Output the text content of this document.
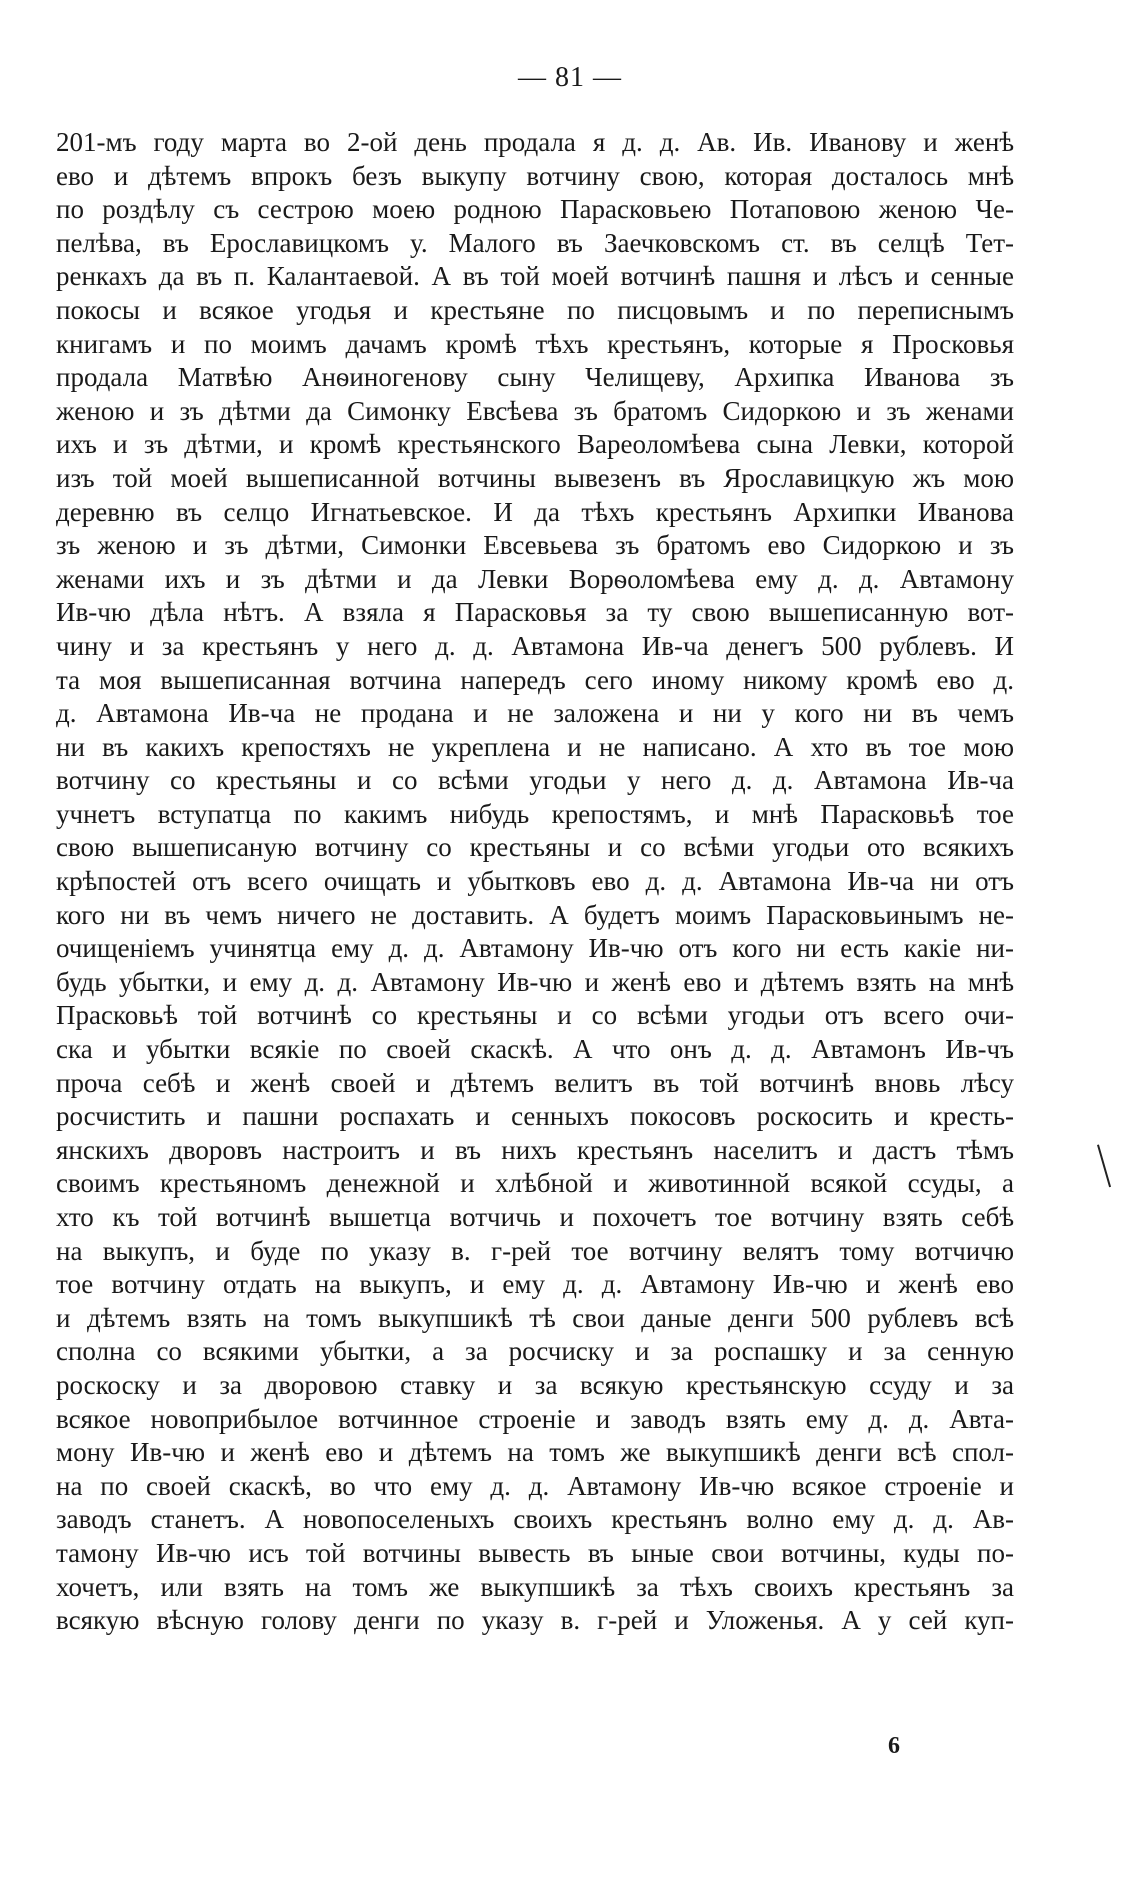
— 81 —
201-мъ году марта во 2-ой день продала я д. д. Ав. Ив. Иванову и женѣ
ево и дѣтемъ впрокъ безъ выкупу вотчину свою, которая досталось мнѣ
по роздѣлу съ сестрою моею родною Парасковьею Потаповою женою Че-
пелѣва, въ Ерославицкомъ у. Малого въ Заечковскомъ ст. въ селцѣ Тет-
ренкахъ да въ п. Калантаевой. А въ той моей вотчинѣ пашня и лѣсъ и сенные
покосы и всякое угодья и крестьяне по писцовымъ и по переписнымъ
книгамъ и по моимъ дачамъ кромѣ тѣхъ крестьянъ, которые я Просковья
продала Матвѣю Анѳиногенову сыну Челищеву, Архипка Иванова зъ
женою и зъ дѣтми да Симонку Евсѣева зъ братомъ Сидоркою и зъ женами
ихъ и зъ дѣтми, и кромѣ крестьянского Вареоломѣева сына Левки, которой
изъ той моей вышеписанной вотчины вывезенъ въ Ярославицкую жъ мою
деревню въ селцо Игнатьевское. И да тѣхъ крестьянъ Архипки Иванова
зъ женою и зъ дѣтми, Симонки Евсевьева зъ братомъ ево Сидоркою и зъ
женами ихъ и зъ дѣтми и да Левки Ворѳоломѣева ему д. д. Автамону
Ив-чю дѣла нѣтъ. А взяла я Парасковья за ту свою вышеписанную вот-
чину и за крестьянъ у него д. д. Автамона Ив-ча денегъ 500 рублевъ. И
та моя вышеписанная вотчина напередъ сего иному никому кромѣ ево д.
д. Автамона Ив-ча не продана и не заложена и ни у кого ни въ чемъ
ни въ какихъ крепостяхъ не укреплена и не написано. А хто въ тое мою
вотчину со крестьяны и со всѣми угодьи у него д. д. Автамона Ив-ча
учнетъ вступатца по какимъ нибудь крепостямъ, и мнѣ Парасковьѣ тое
свою вышеписаную вотчину со крестьяны и со всѣми угодьи ото всякихъ
крѣпостей отъ всего очищать и убытковъ ево д. д. Автамона Ив-ча ни отъ
кого ни въ чемъ ничего не доставить. А будетъ моимъ Парасковьинымъ не-
очищеніемъ учинятца ему д. д. Автамону Ив-чю отъ кого ни есть какіе ни-
будь убытки, и ему д. д. Автамону Ив-чю и женѣ ево и дѣтемъ взять на мнѣ
Прасковьѣ той вотчинѣ со крестьяны и со всѣми угодьи отъ всего очи-
ска и убытки всякіе по своей скаскѣ. А что онъ д. д. Автамонъ Ив-чъ
проча себѣ и женѣ своей и дѣтемъ велитъ въ той вотчинѣ вновь лѣсу
росчистить и пашни роспахать и сенныхъ покосовъ роскосить и кресть-
янскихъ дворовъ настроитъ и въ нихъ крестьянъ населитъ и дастъ тѣмъ
своимъ крестьяномъ денежной и хлѣбной и животинной всякой ссуды, а
хто къ той вотчинѣ вышетца вотчичь и похочетъ тое вотчину взять себѣ
на выкупъ, и буде по указу в. г-рей тое вотчину велятъ тому вотчичю
тое вотчину отдать на выкупъ, и ему д. д. Автамону Ив-чю и женѣ ево
и дѣтемъ взять на томъ выкупшикѣ тѣ свои даные денги 500 рублевъ всѣ
сполна со всякими убытки, а за росчиску и за роспашку и за сенную
роскоску и за дворовою ставку и за всякую крестьянскую ссуду и за
всякое новоприбылое вотчинное строеніе и заводъ взять ему д. д. Авта-
мону Ив-чю и женѣ ево и дѣтемъ на томъ же выкупшикѣ денги всѣ спол-
на по своей скаскѣ, во что ему д. д. Автамону Ив-чю всякое строеніе и
заводъ станетъ. А новопоселеныхъ своихъ крестьянъ волно ему д. д. Ав-
тамону Ив-чю исъ той вотчины вывесть въ ыные свои вотчины, куды по-
хочетъ, или взять на томъ же выкупшикѣ за тѣхъ своихъ крестьянъ за
всякую вѣсную голову денги по указу в. г-рей и Уложенья. А у сей куп-
6
